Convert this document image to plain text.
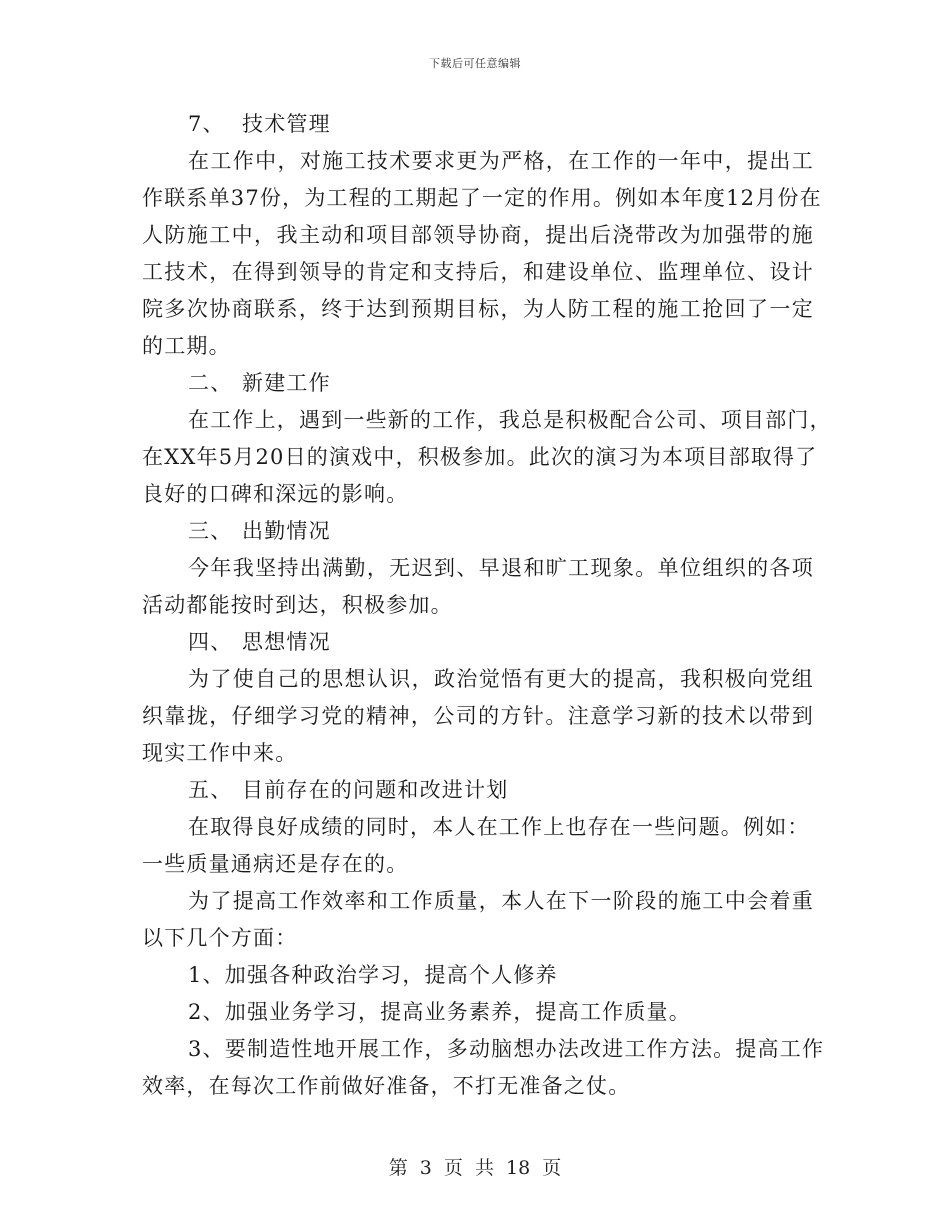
下载后可任意编辑
7、 技术管理
在工作中，对施工技术要求更为严格，在工作的一年中，提出工
作联系单37份，为工程的工期起了一定的作用。例如本年度12月份在
人防施工中，我主动和项目部领导协商，提出后浇带改为加强带的施
工技术，在得到领导的肯定和支持后，和建设单位、监理单位、设计
院多次协商联系，终于达到预期目标，为人防工程的施工抢回了一定
的工期。
二、 新建工作
在工作上，遇到一些新的工作，我总是积极配合公司、项目部门，
在XX年5月20日的演戏中，积极参加。此次的演习为本项目部取得了
良好的口碑和深远的影响。
三、 出勤情况
今年我坚持出满勤，无迟到、早退和旷工现象。单位组织的各项
活动都能按时到达，积极参加。
四、 思想情况
为了使自己的思想认识，政治觉悟有更大的提高，我积极向党组
织靠拢，仔细学习党的精神，公司的方针。注意学习新的技术以带到
现实工作中来。
五、 目前存在的问题和改进计划
在取得良好成绩的同时，本人在工作上也存在一些问题。例如：
一些质量通病还是存在的。
为了提高工作效率和工作质量，本人在下一阶段的施工中会着重
以下几个方面：
1、加强各种政治学习，提高个人修养
2、加强业务学习，提高业务素养，提高工作质量。
3、要制造性地开展工作，多动脑想办法改进工作方法。提高工作
效率，在每次工作前做好准备，不打无准备之仗。
第 3 页 共 18 页
